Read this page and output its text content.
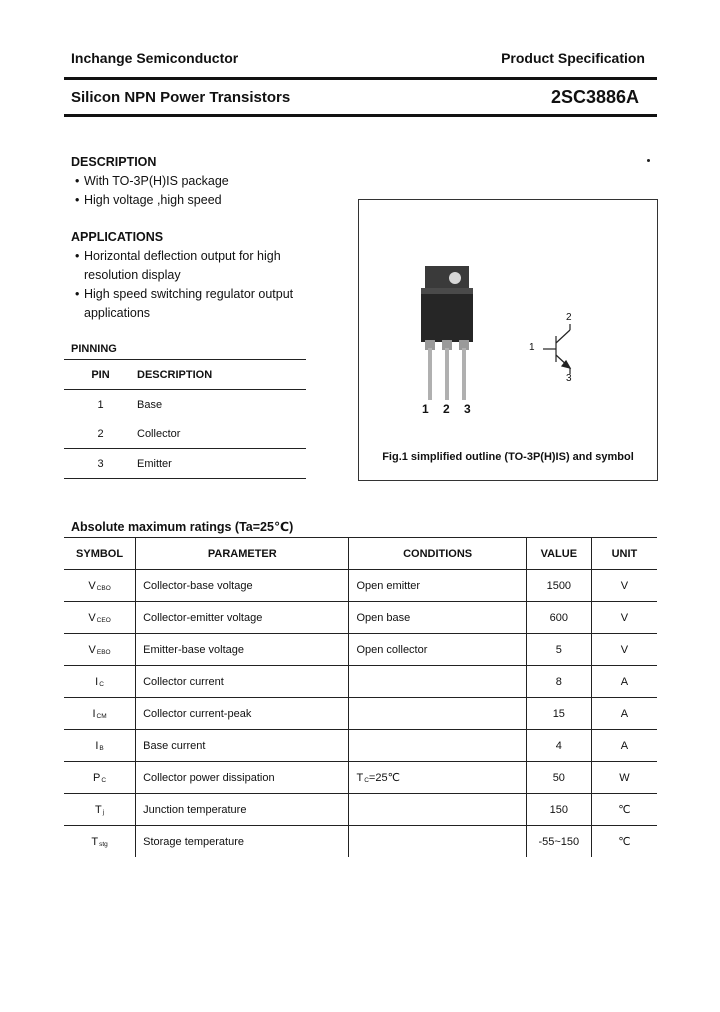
Inchange Semiconductor	Product Specification
Silicon NPN Power Transistors	2SC3886A
DESCRIPTION
• With TO-3P(H)IS package
• High voltage ,high speed
APPLICATIONS
• Horizontal deflection output for high
resolution display
• High speed switching regulator output
applications
PINNING
PIN	DESCRIPTION
1	Base
2	Collector
3	Emitter
1 2 3
1
2
3
Fig.1 simplified outline (TO-3P(H)IS) and symbol
Absolute maximum ratings (Ta=25℃)
SYMBOL	PARAMETER	CONDITIONS	VALUE	UNIT
VCBO	Collector-base voltage	Open emitter	1500	V
VCEO	Collector-emitter voltage	Open base	600	V
VEBO	Emitter-base voltage	Open collector	5	V
IC	Collector current		8	A
ICM	Collector current-peak		15	A
IB	Base current		4	A
PC	Collector power dissipation	TC=25℃	50	W
Tj	Junction temperature		150	℃
Tstg	Storage temperature		-55~150	℃
